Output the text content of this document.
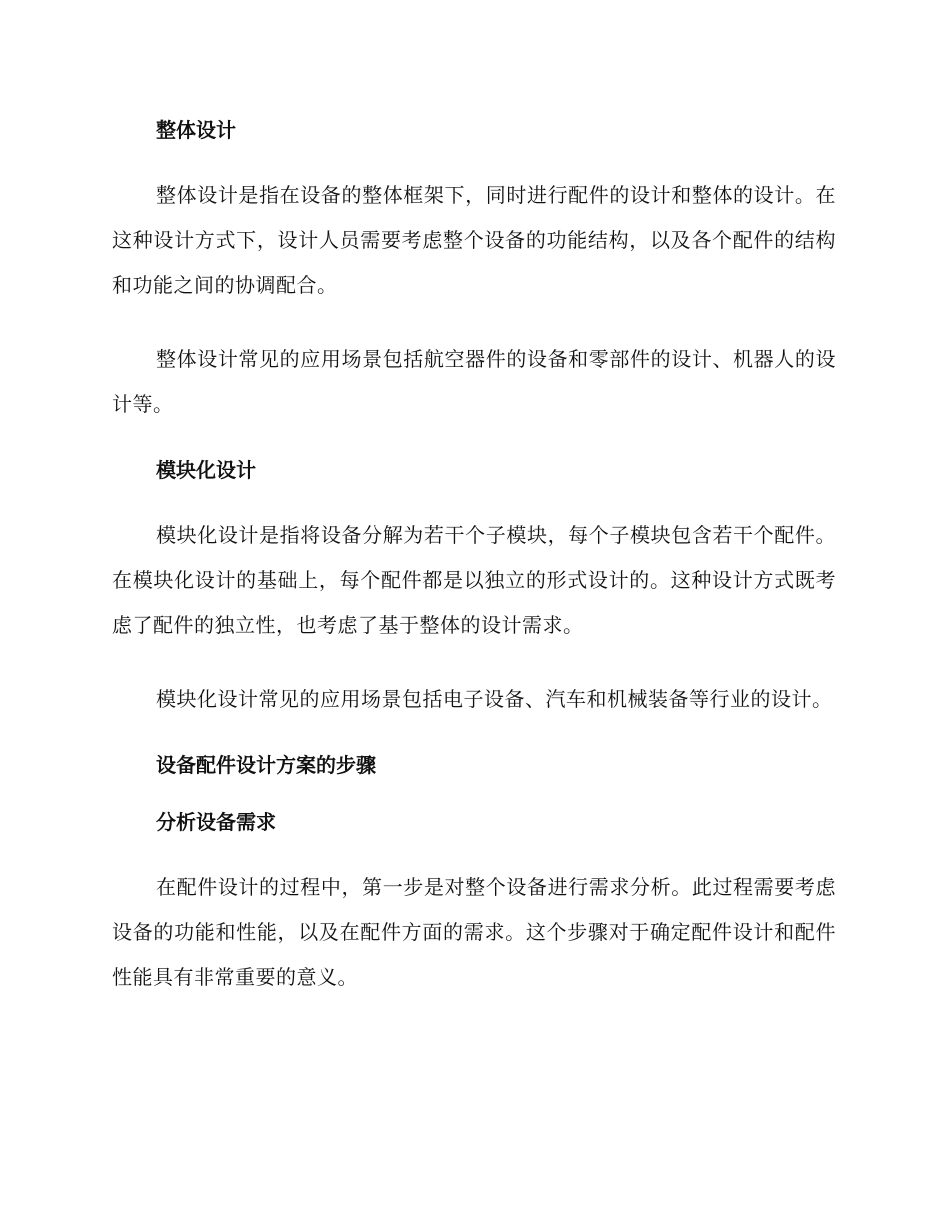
整体设计

整体设计是指在设备的整体框架下，同时进行配件的设计和整体的设计。在这种设计方式下，设计人员需要考虑整个设备的功能结构，以及各个配件的结构和功能之间的协调配合。

整体设计常见的应用场景包括航空器件的设备和零部件的设计、机器人的设计等。

模块化设计

模块化设计是指将设备分解为若干个子模块，每个子模块包含若干个配件。在模块化设计的基础上，每个配件都是以独立的形式设计的。这种设计方式既考虑了配件的独立性，也考虑了基于整体的设计需求。

模块化设计常见的应用场景包括电子设备、汽车和机械装备等行业的设计。

设备配件设计方案的步骤
分析设备需求

在配件设计的过程中，第一步是对整个设备进行需求分析。此过程需要考虑设备的功能和性能，以及在配件方面的需求。这个步骤对于确定配件设计和配件性能具有非常重要的意义。
